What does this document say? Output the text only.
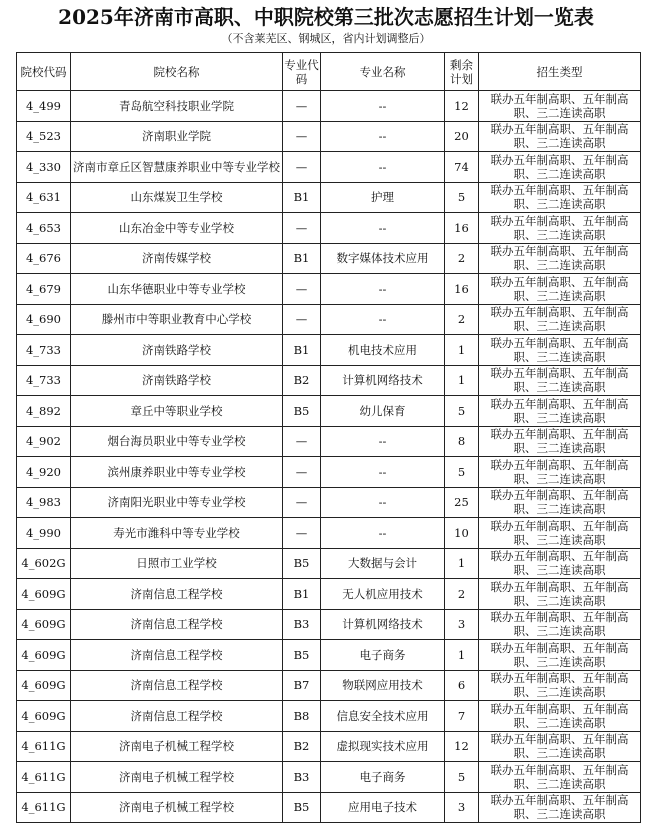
2025年济南市高职、中职院校第三批次志愿招生计划一览表
（不含莱芜区、钢城区，省内计划调整后）
院校代码	院校名称	专业代码	专业名称	剩余计划	招生类型
4_499	青岛航空科技职业学院	—	--	12	联办五年制高职、五年制高职、三二连读高职
4_523	济南职业学院	—	--	20	联办五年制高职、五年制高职、三二连读高职
4_330	济南市章丘区智慧康养职业中等专业学校	—	--	74	联办五年制高职、五年制高职、三二连读高职
4_631	山东煤炭卫生学校	B1	护理	5	联办五年制高职、五年制高职、三二连读高职
4_653	山东冶金中等专业学校	—	--	16	联办五年制高职、五年制高职、三二连读高职
4_676	济南传媒学校	B1	数字媒体技术应用	2	联办五年制高职、五年制高职、三二连读高职
4_679	山东华德职业中等专业学校	—	--	16	联办五年制高职、五年制高职、三二连读高职
4_690	滕州市中等职业教育中心学校	—	--	2	联办五年制高职、五年制高职、三二连读高职
4_733	济南铁路学校	B1	机电技术应用	1	联办五年制高职、五年制高职、三二连读高职
4_733	济南铁路学校	B2	计算机网络技术	1	联办五年制高职、五年制高职、三二连读高职
4_892	章丘中等职业学校	B5	幼儿保育	5	联办五年制高职、五年制高职、三二连读高职
4_902	烟台海员职业中等专业学校	—	--	8	联办五年制高职、五年制高职、三二连读高职
4_920	滨州康养职业中等专业学校	—	--	5	联办五年制高职、五年制高职、三二连读高职
4_983	济南阳光职业中等专业学校	—	--	25	联办五年制高职、五年制高职、三二连读高职
4_990	寿光市潍科中等专业学校	—	--	10	联办五年制高职、五年制高职、三二连读高职
4_602G	日照市工业学校	B5	大数据与会计	1	联办五年制高职、五年制高职、三二连读高职
4_609G	济南信息工程学校	B1	无人机应用技术	2	联办五年制高职、五年制高职、三二连读高职
4_609G	济南信息工程学校	B3	计算机网络技术	3	联办五年制高职、五年制高职、三二连读高职
4_609G	济南信息工程学校	B5	电子商务	1	联办五年制高职、五年制高职、三二连读高职
4_609G	济南信息工程学校	B7	物联网应用技术	6	联办五年制高职、五年制高职、三二连读高职
4_609G	济南信息工程学校	B8	信息安全技术应用	7	联办五年制高职、五年制高职、三二连读高职
4_611G	济南电子机械工程学校	B2	虚拟现实技术应用	12	联办五年制高职、五年制高职、三二连读高职
4_611G	济南电子机械工程学校	B3	电子商务	5	联办五年制高职、五年制高职、三二连读高职
4_611G	济南电子机械工程学校	B5	应用电子技术	3	联办五年制高职、五年制高职、三二连读高职
